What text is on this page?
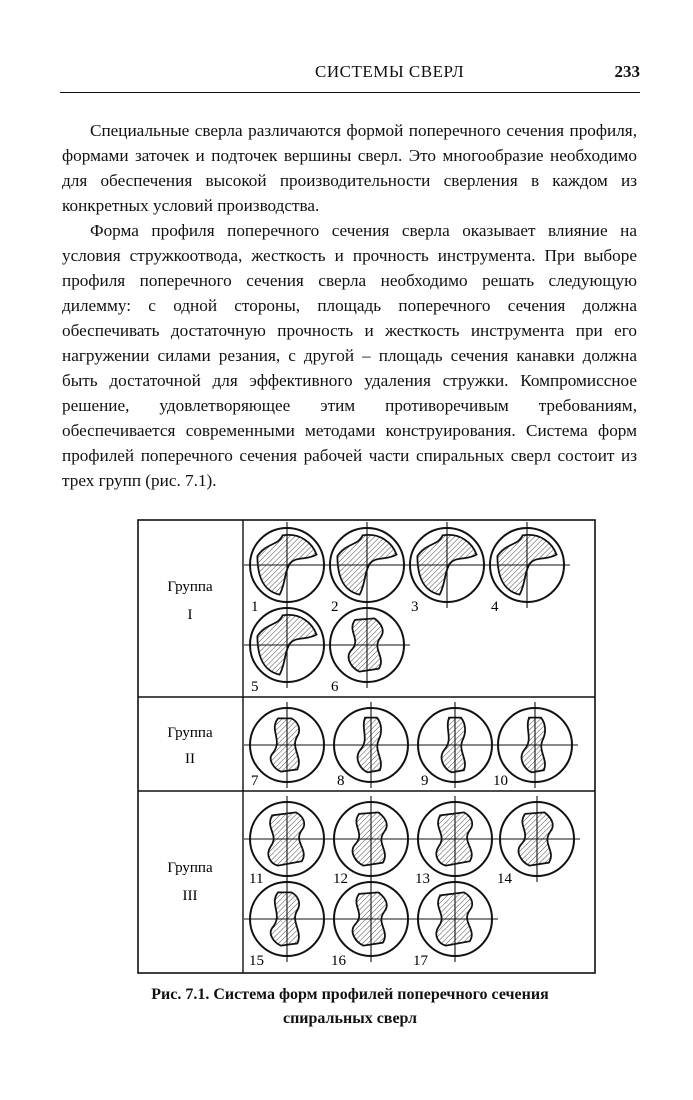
СИСТЕМЫ СВЕРЛ	233

Специальные сверла различаются формой поперечного сечения профиля, формами заточек и подточек вершины сверл. Это многообразие необходимо для обеспечения высокой производительности сверления в каждом из конкретных условий производства.

Форма профиля поперечного сечения сверла оказывает влияние на условия стружкоотвода, жесткость и прочность инструмента. При выборе профиля поперечного сечения сверла необходимо решать следующую дилемму: с одной стороны, площадь поперечного сечения должна обеспечивать достаточную прочность и жесткость инструмента при его нагружении силами резания, с другой – площадь сечения канавки должна быть достаточной для эффективного удаления стружки. Компромиссное решение, удовлетворяющее этим противоречивым требованиям, обеспечивается современными методами конструирования. Система форм профилей поперечного сечения рабочей части спиральных сверл состоит из трех групп (рис. 7.1).

Группа
I
Группа
II
Группа
III
1	2	3	4
5	6
7	8	9	10
11	12	13	14
15	16	17
Рис. 7.1. Система форм профилей поперечного сечения
спиральных сверл
